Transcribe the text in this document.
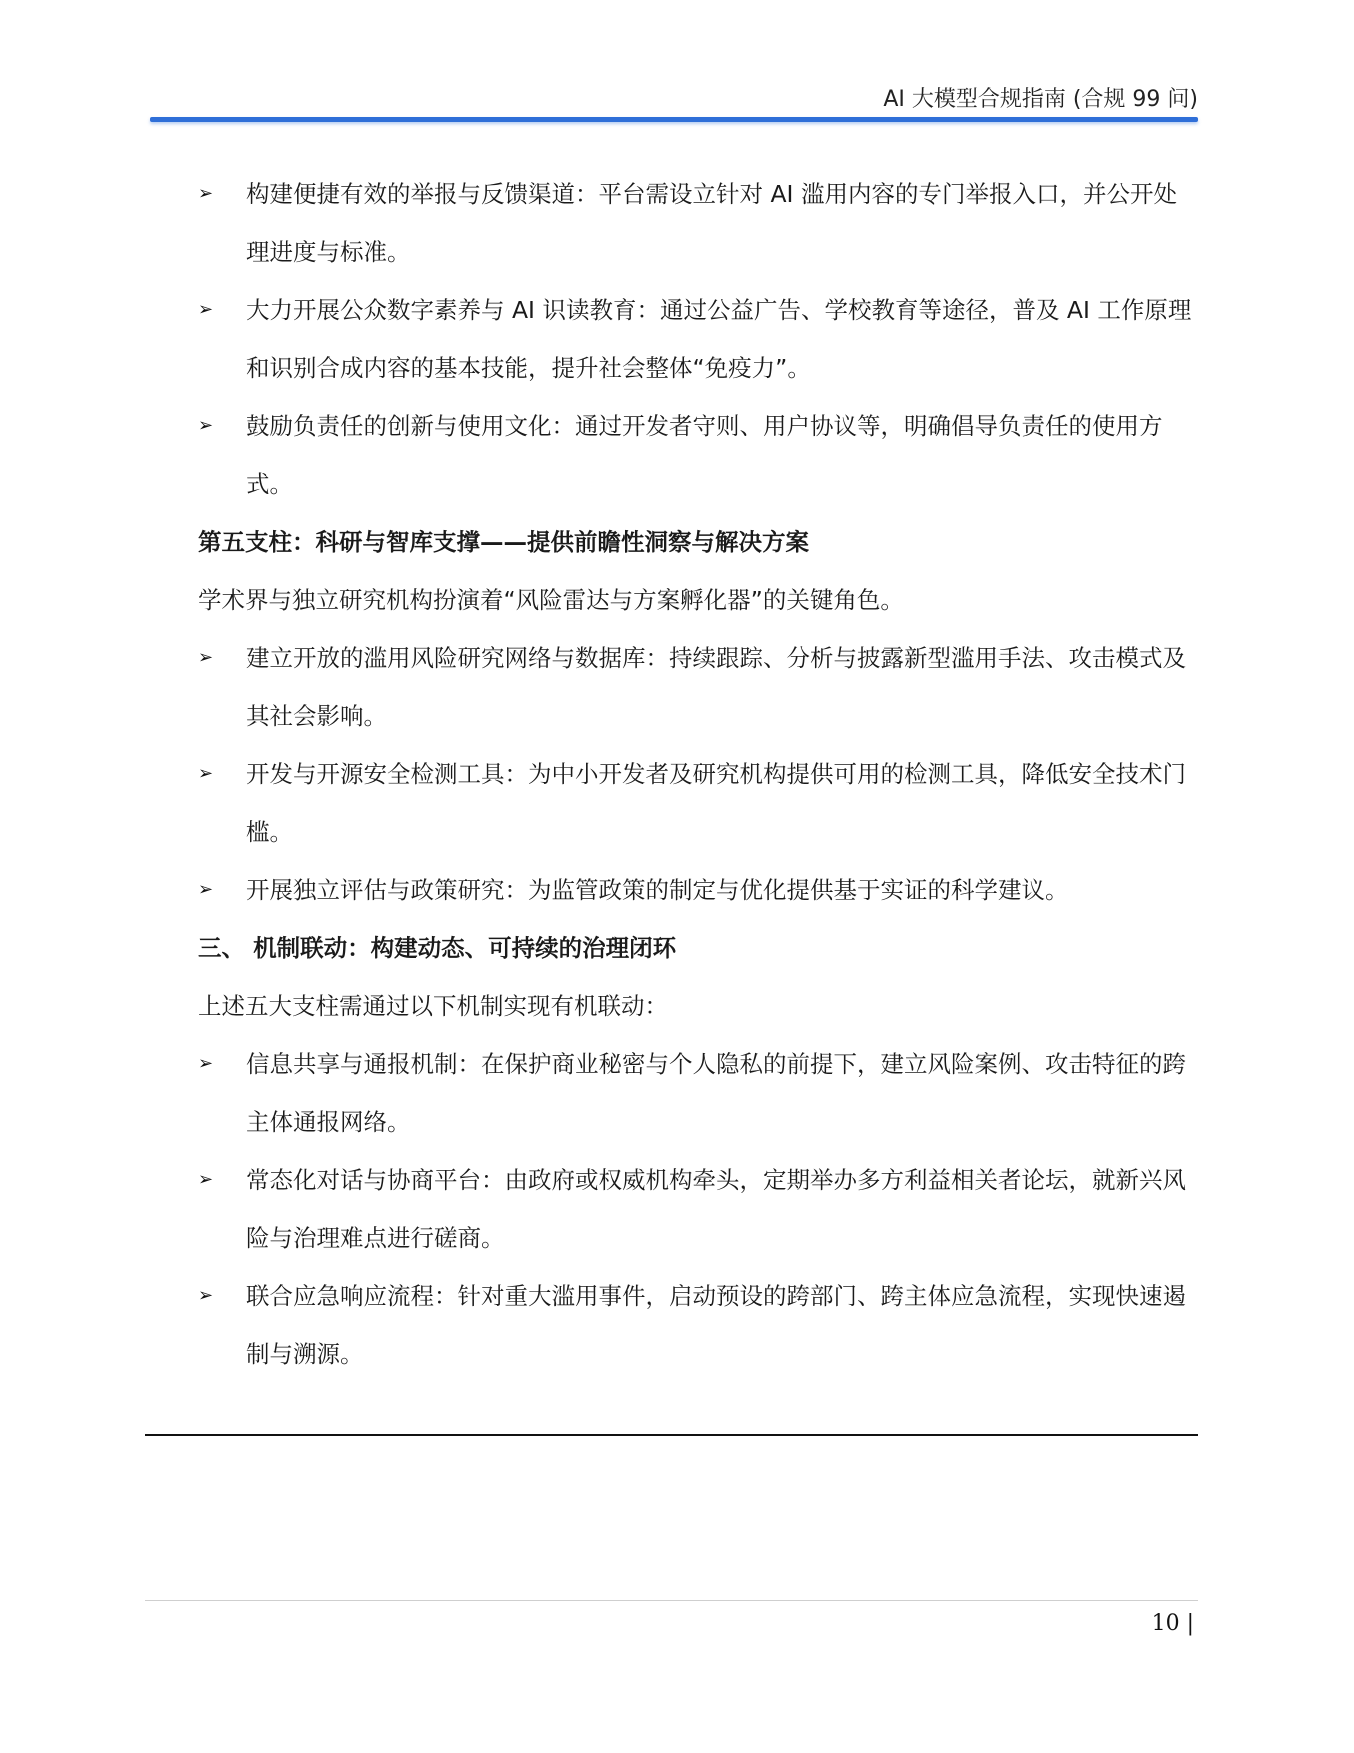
AI 大模型合规指南 (合规 99 问)
➢	构建便捷有效的举报与反馈渠道：平台需设立针对 AI 滥用内容的专门举报入口，并公开处理进度与标准。
➢	大力开展公众数字素养与 AI 识读教育：通过公益广告、学校教育等途径，普及 AI 工作原理和识别合成内容的基本技能，提升社会整体“免疫力”。
➢	鼓励负责任的创新与使用文化：通过开发者守则、用户协议等，明确倡导负责任的使用方式。

第五支柱：科研与智库支撑——提供前瞻性洞察与解决方案

学术界与独立研究机构扮演着“风险雷达与方案孵化器”的关键角色。

➢	建立开放的滥用风险研究网络与数据库：持续跟踪、分析与披露新型滥用手法、攻击模式及其社会影响。
➢	开发与开源安全检测工具：为中小开发者及研究机构提供可用的检测工具，降低安全技术门槛。
➢	开展独立评估与政策研究：为监管政策的制定与优化提供基于实证的科学建议。

三、 机制联动：构建动态、可持续的治理闭环

上述五大支柱需通过以下机制实现有机联动：

➢	信息共享与通报机制：在保护商业秘密与个人隐私的前提下，建立风险案例、攻击特征的跨主体通报网络。
➢	常态化对话与协商平台：由政府或权威机构牵头，定期举办多方利益相关者论坛，就新兴风险与治理难点进行磋商。
➢	联合应急响应流程：针对重大滥用事件，启动预设的跨部门、跨主体应急流程，实现快速遏制与溯源。
10 |
